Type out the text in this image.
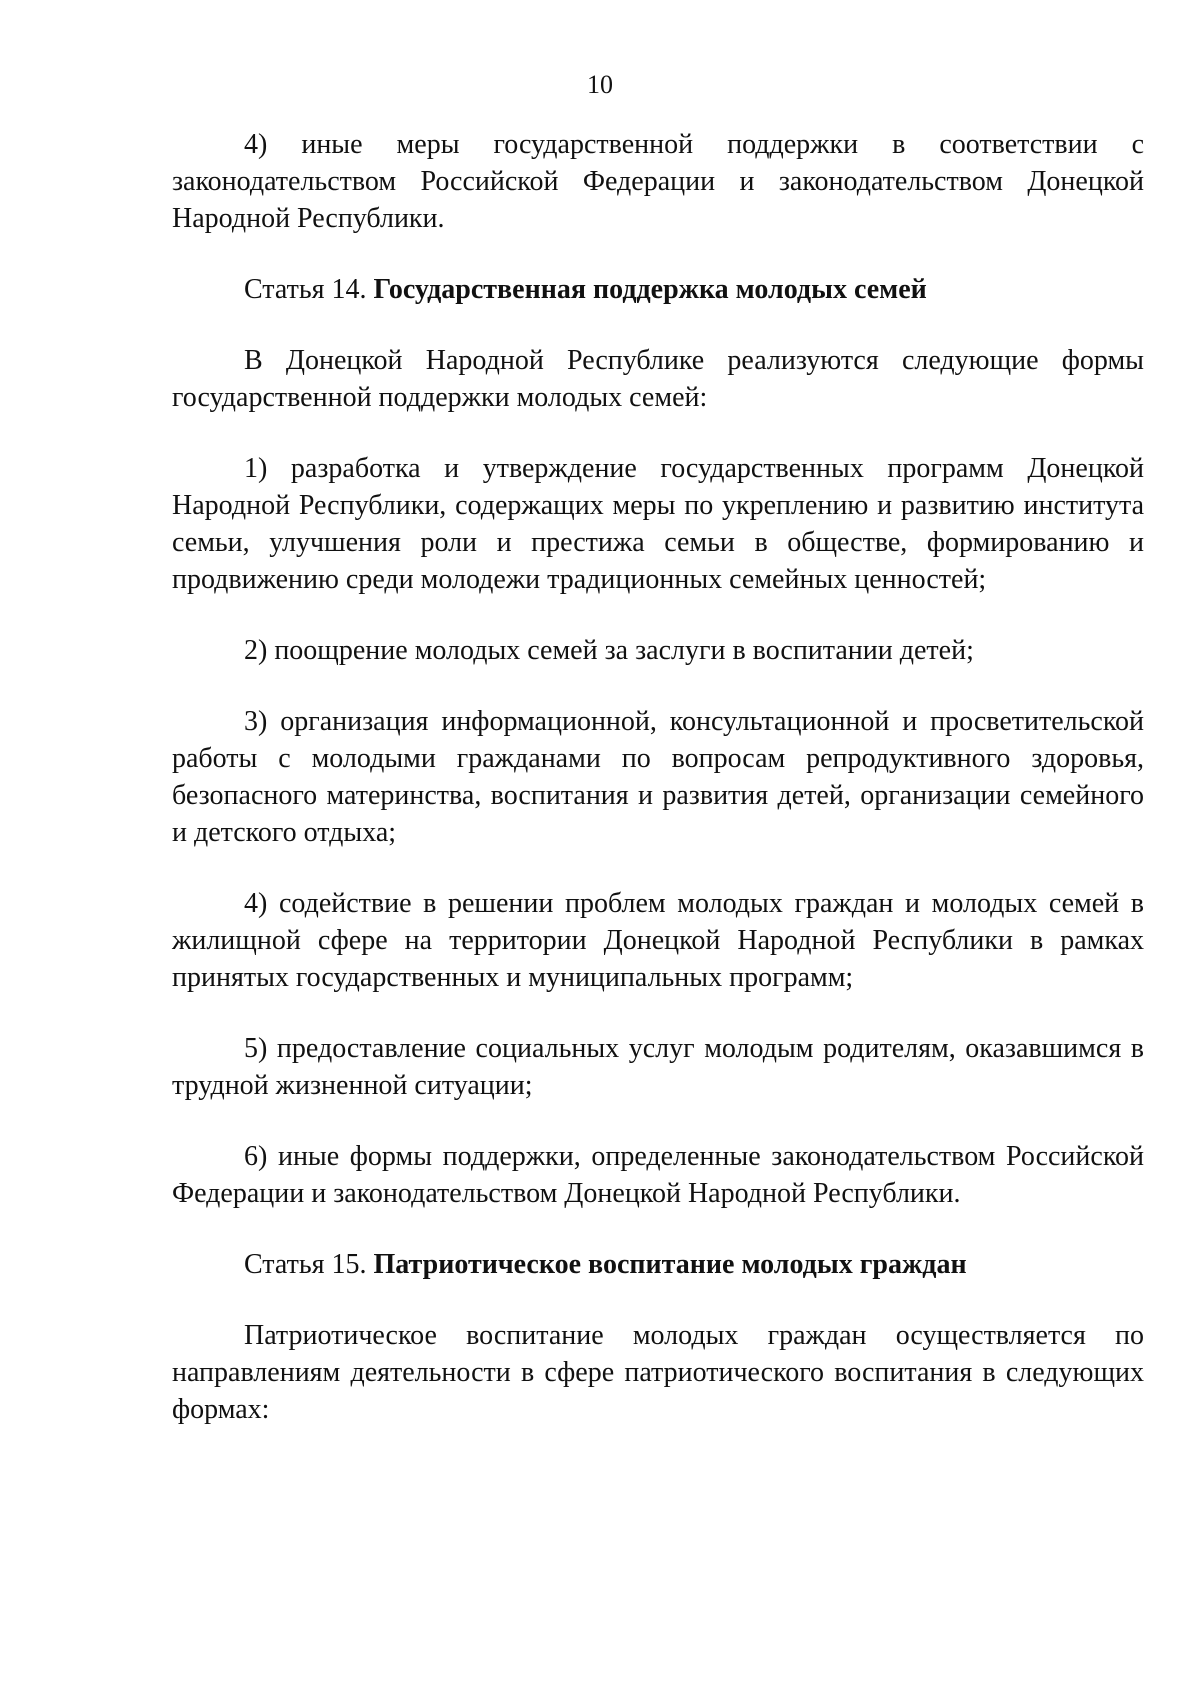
10

4) иные меры государственной поддержки в соответствии с законодательством Российской Федерации и законодательством Донецкой Народной Республики.

Статья 14. Государственная поддержка молодых семей

В Донецкой Народной Республике реализуются следующие формы государственной поддержки молодых семей:

1) разработка и утверждение государственных программ Донецкой Народной Республики, содержащих меры по укреплению и развитию института семьи, улучшения роли и престижа семьи в обществе, формированию и продвижению среди молодежи традиционных семейных ценностей;

2) поощрение молодых семей за заслуги в воспитании детей;

3) организация информационной, консультационной и просветительской работы с молодыми гражданами по вопросам репродуктивного здоровья, безопасного материнства, воспитания и развития детей, организации семейного и детского отдыха;

4) содействие в решении проблем молодых граждан и молодых семей в жилищной сфере на территории Донецкой Народной Республики в рамках принятых государственных и муниципальных программ;

5) предоставление социальных услуг молодым родителям, оказавшимся в трудной жизненной ситуации;

6) иные формы поддержки, определенные законодательством Российской Федерации и законодательством Донецкой Народной Республики.

Статья 15. Патриотическое воспитание молодых граждан

Патриотическое воспитание молодых граждан осуществляется по направлениям деятельности в сфере патриотического воспитания в следующих формах:
